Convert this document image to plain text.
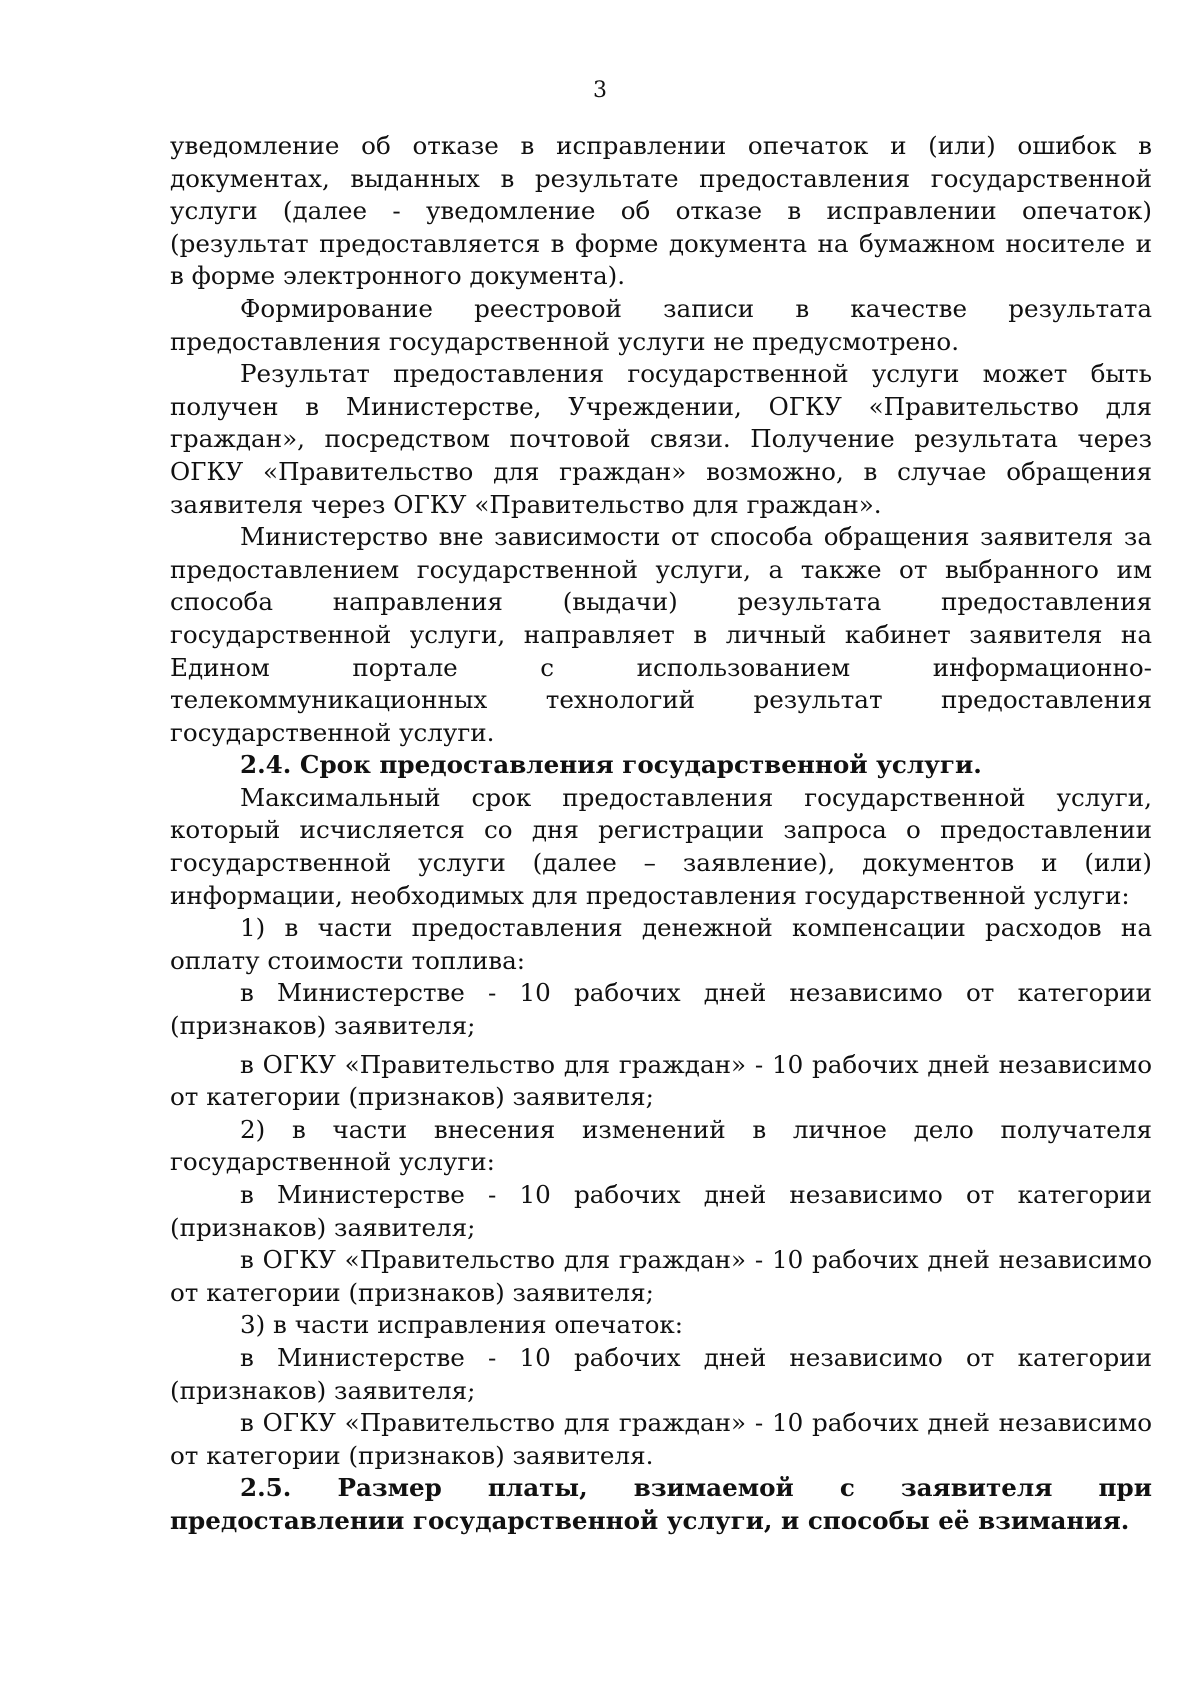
3

уведомление об отказе в исправлении опечаток и (или) ошибок в документах, выданных в результате предоставления государственной услуги (далее - уведомление об отказе в исправлении опечаток) (результат предоставляется в форме документа на бумажном носителе и в форме электронного документа).

Формирование реестровой записи в качестве результата предоставления государственной услуги не предусмотрено.

Результат предоставления государственной услуги может быть получен в Министерстве, Учреждении, ОГКУ «Правительство для граждан», посредством почтовой связи. Получение результата через ОГКУ «Правительство для граждан» возможно, в случае обращения заявителя через ОГКУ «Правительство для граждан».

Министерство вне зависимости от способа обращения заявителя за предоставлением государственной услуги, а также от выбранного им способа направления (выдачи) результата предоставления государственной услуги, направляет в личный кабинет заявителя на Едином портале с использованием информационно-телекоммуникационных технологий результат предоставления государственной услуги.

2.4. Срок предоставления государственной услуги.

Максимальный срок предоставления государственной услуги, который исчисляется со дня регистрации запроса о предоставлении государственной услуги (далее – заявление), документов и (или) информации, необходимых для предоставления государственной услуги:

1) в части предоставления денежной компенсации расходов на оплату стоимости топлива:

в Министерстве - 10 рабочих дней независимо от категории (признаков) заявителя;

в ОГКУ «Правительство для граждан» - 10 рабочих дней независимо от категории (признаков) заявителя;

2) в части внесения изменений в личное дело получателя государственной услуги:

в Министерстве - 10 рабочих дней независимо от категории (признаков) заявителя;

в ОГКУ «Правительство для граждан» - 10 рабочих дней независимо от категории (признаков) заявителя;

3) в части исправления опечаток:

в Министерстве - 10 рабочих дней независимо от категории (признаков) заявителя;

в ОГКУ «Правительство для граждан» - 10 рабочих дней независимо от категории (признаков) заявителя.

2.5. Размер платы, взимаемой с заявителя при предоставлении государственной услуги, и способы её взимания.
